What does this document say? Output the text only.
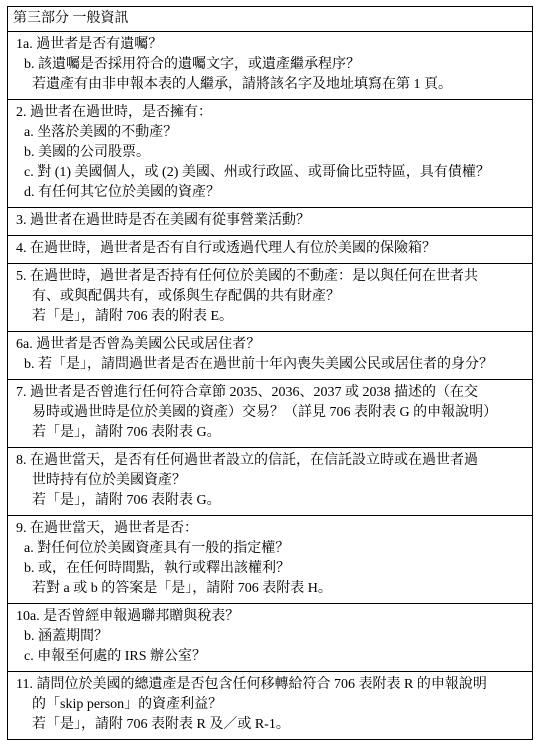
第三部分 一般資訊
1a. 過世者是否有遺囑？
b. 該遺囑是否採用符合的遺囑文字，或遺產繼承程序？
若遺產有由非申報本表的人繼承，請將該名字及地址填寫在第 1 頁。
2. 過世者在過世時，是否擁有：
a. 坐落於美國的不動產？
b. 美國的公司股票。
c. 對 (1) 美國個人，或 (2) 美國、州或行政區、或哥倫比亞特區，具有債權？
d. 有任何其它位於美國的資產？
3. 過世者在過世時是否在美國有從事營業活動？
4. 在過世時，過世者是否有自行或透過代理人有位於美國的保險箱？
5. 在過世時，過世者是否持有任何位於美國的不動產：是以與任何在世者共
有、或與配偶共有，或係與生存配偶的共有財產？
若「是」，請附 706 表的附表 E。
6a. 過世者是否曾為美國公民或居住者？
b. 若「是」，請問過世者是否在過世前十年內喪失美國公民或居住者的身分？
7. 過世者是否曾進行任何符合章節 2035、2036、2037 或 2038 描述的（在交
易時或過世時是位於美國的資產）交易？（詳見 706 表附表 G 的申報說明）
若「是」，請附 706 表附表 G。
8. 在過世當天，是否有任何過世者設立的信託，在信託設立時或在過世者過
世時持有位於美國資產？
若「是」，請附 706 表附表 G。
9. 在過世當天，過世者是否：
a. 對任何位於美國資產具有一般的指定權？
b. 或，在任何時間點，執行或釋出該權利？
若對 a 或 b 的答案是「是」，請附 706 表附表 H。
10a. 是否曾經申報過聯邦贈與稅表？
b. 涵蓋期間？
c. 申報至何處的 IRS 辦公室？
11. 請問位於美國的總遺產是否包含任何移轉給符合 706 表附表 R 的申報說明
的「skip person」的資產利益？
若「是」，請附 706 表附表 R 及／或 R-1。
